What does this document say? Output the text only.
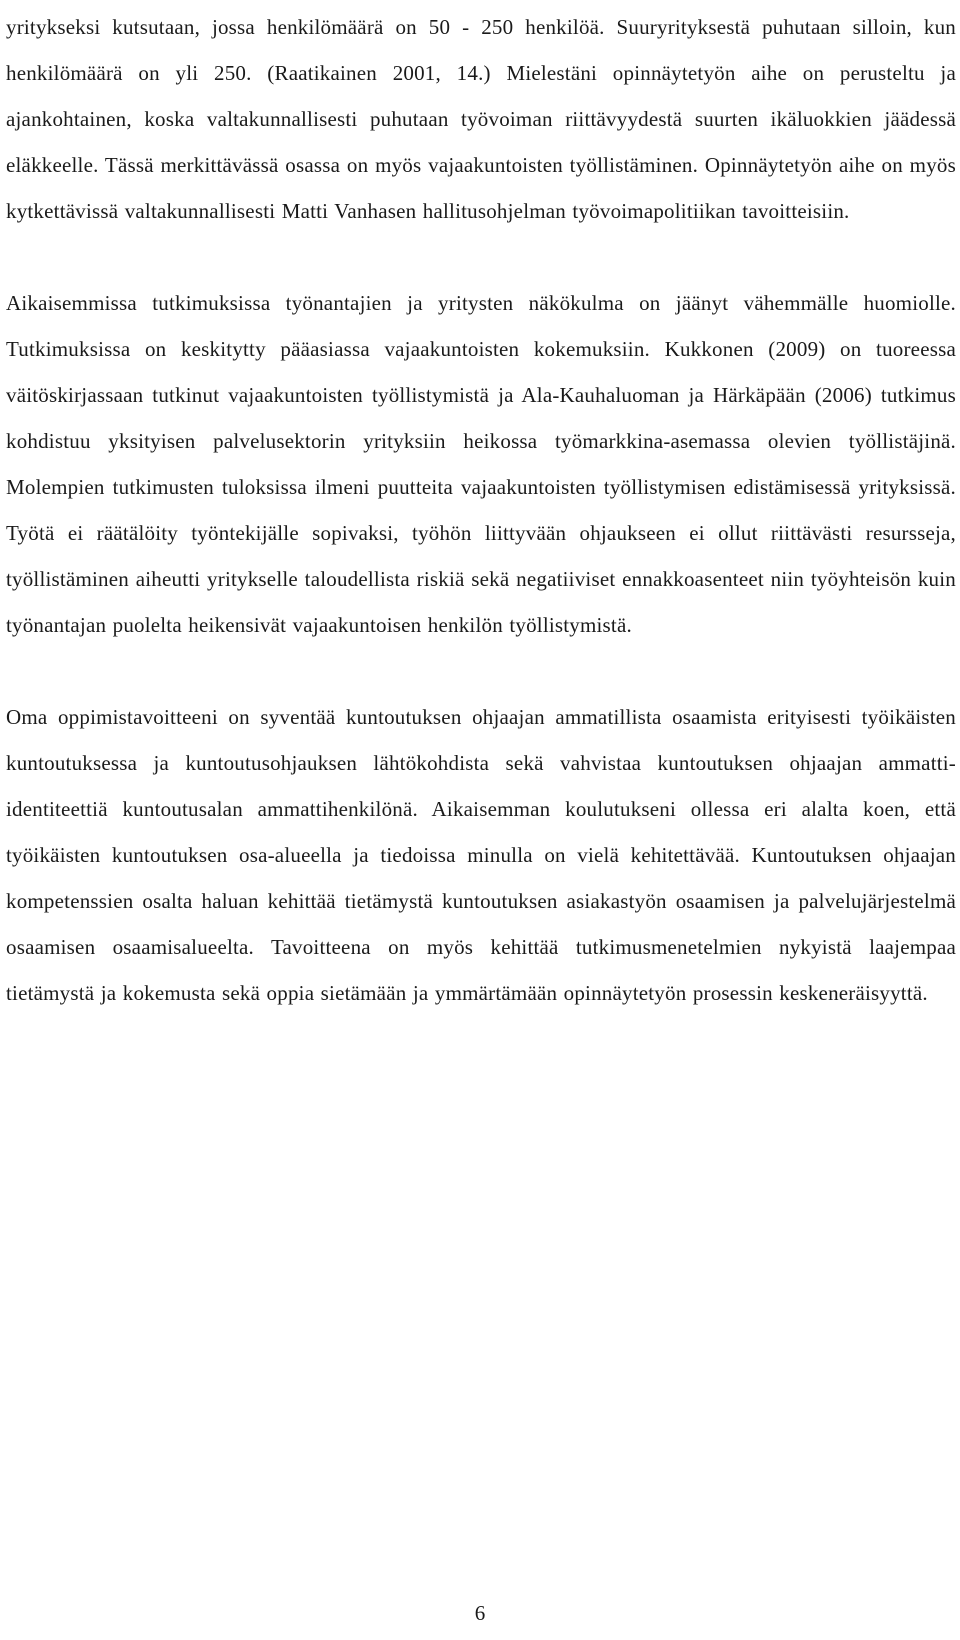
yritykseksi kutsutaan, jossa henkilömäärä on 50 - 250 henkilöä. Suuryrityksestä puhutaan silloin, kun henkilömäärä on yli 250. (Raatikainen 2001, 14.) Mielestäni opinnäytetyön aihe on perusteltu ja ajankohtainen, koska valtakunnallisesti puhutaan työvoiman riittävyydestä suurten ikäluokkien jäädessä eläkkeelle. Tässä merkittävässä osassa on myös vajaakuntoisten työllistäminen. Opinnäytetyön aihe on myös kytkettävissä valtakunnallisesti Matti Vanhasen hallitusohjelman työvoimapolitiikan tavoitteisiin.

Aikaisemmissa tutkimuksissa työnantajien ja yritysten näkökulma on jäänyt vähemmälle huomiolle. Tutkimuksissa on keskitytty pääasiassa vajaakuntoisten kokemuksiin. Kukkonen (2009) on tuoreessa väitöskirjassaan tutkinut vajaakuntoisten työllistymistä ja Ala-Kauhaluoman ja Härkäpään (2006) tutkimus kohdistuu yksityisen palvelusektorin yrityksiin heikossa työmarkkina-asemassa olevien työllistäjinä. Molempien tutkimusten tuloksissa ilmeni puutteita vajaakuntoisten työllistymisen edistämisessä yrityksissä. Työtä ei räätälöity työntekijälle sopivaksi, työhön liittyvään ohjaukseen ei ollut riittävästi resursseja, työllistäminen aiheutti yritykselle taloudellista riskiä sekä negatiiviset ennakkoasenteet niin työyhteisön kuin työnantajan puolelta heikensivät vajaakuntoisen henkilön työllistymistä.

Oma oppimistavoitteeni on syventää kuntoutuksen ohjaajan ammatillista osaamista erityisesti työikäisten kuntoutuksessa ja kuntoutusohjauksen lähtökohdista sekä vahvistaa kuntoutuksen ohjaajan ammatti-identiteettiä kuntoutusalan ammattihenkilönä. Aikaisemman koulutukseni ollessa eri alalta koen, että työikäisten kuntoutuksen osa-alueella ja tiedoissa minulla on vielä kehitettävää. Kuntoutuksen ohjaajan kompetenssien osalta haluan kehittää tietämystä kuntoutuksen asiakastyön osaamisen ja palvelujärjestelmä osaamisen osaamisalueelta. Tavoitteena on myös kehittää tutkimusmenetelmien nykyistä laajempaa tietämystä ja kokemusta sekä oppia sietämään ja ymmärtämään opinnäytetyön prosessin keskeneräisyyttä.

6
